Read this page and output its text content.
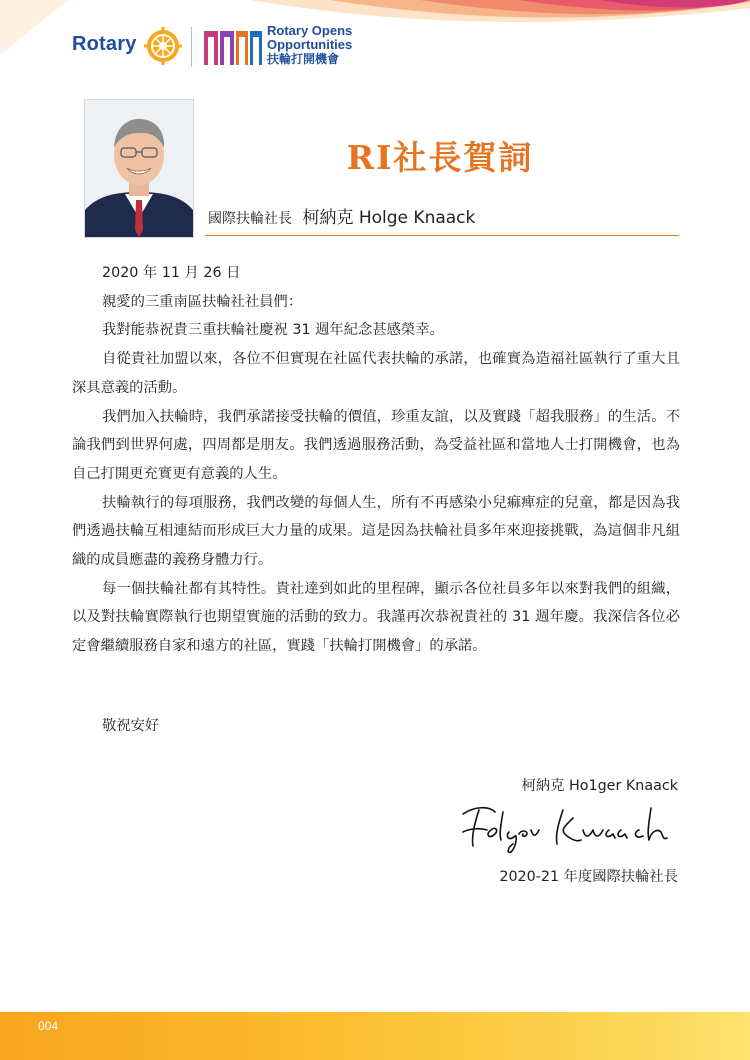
Rotary
Rotary Opens
Opportunities
扶輪打開機會
RI社長賀詞
國際扶輪社長 柯納克 Holge Knaack

2020 年 11 月 26 日

親愛的三重南區扶輪社社員們：

我對能恭祝貴三重扶輪社慶祝 31 週年紀念甚感榮幸。

自從貴社加盟以來，各位不但實現在社區代表扶輪的承諾，也確實為造福社區執行了重大且深具意義的活動。

我們加入扶輪時，我們承諾接受扶輪的價值，珍重友誼，以及實踐「超我服務」的生活。不論我們到世界何處，四周都是朋友。我們透過服務活動，為受益社區和當地人士打開機會，也為自己打開更充實更有意義的人生。

扶輪執行的每項服務，我們改變的每個人生，所有不再感染小兒痲痺症的兒童，都是因為我們透過扶輪互相連結而形成巨大力量的成果。這是因為扶輪社員多年來迎接挑戰，為這個非凡組織的成員應盡的義務身體力行。

每一個扶輪社都有其特性。貴社達到如此的里程碑，顯示各位社員多年以來對我們的組織，以及對扶輪實際執行也期望實施的活動的致力。我謹再次恭祝貴社的 31 週年慶。我深信各位必定會繼續服務自家和遠方的社區，實踐「扶輪打開機會」的承諾。

敬祝安好
柯納克 Ho1ger Knaack
2020-21 年度國際扶輪社長
004
